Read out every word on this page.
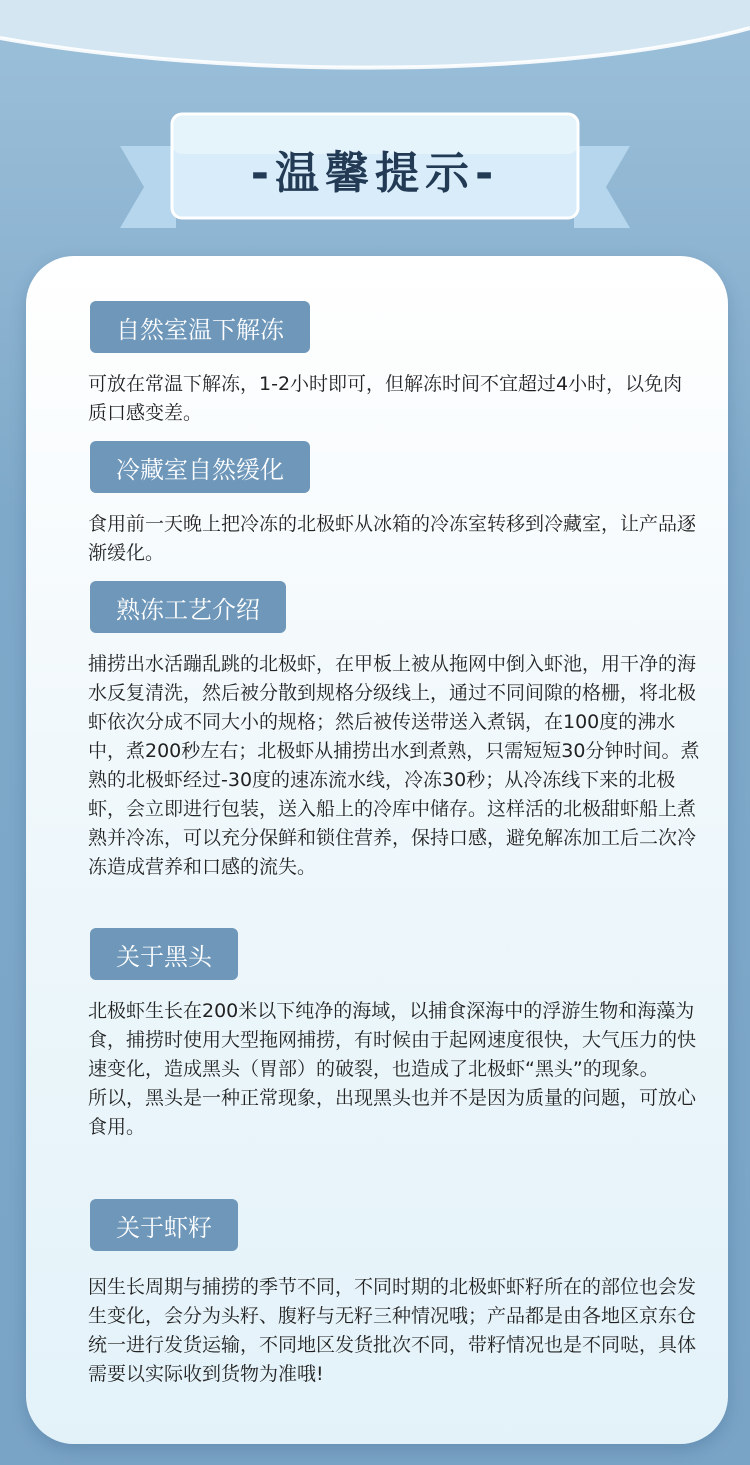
-温馨提示-
自然室温下解冻

可放在常温下解冻，1-2小时即可，但解冻时间不宜超过4小时，以免肉质口感变差。

冷藏室自然缓化

食用前一天晚上把冷冻的北极虾从冰箱的冷冻室转移到冷藏室，让产品逐渐缓化。

熟冻工艺介绍

捕捞出水活蹦乱跳的北极虾，在甲板上被从拖网中倒入虾池，用干净的海水反复清洗，然后被分散到规格分级线上，通过不同间隙的格栅，将北极虾依次分成不同大小的规格；然后被传送带送入煮锅，在100度的沸水中，煮200秒左右；北极虾从捕捞出水到煮熟，只需短短30分钟时间。煮熟的北极虾经过-30度的速冻流水线，冷冻30秒；从冷冻线下来的北极虾，会立即进行包装，送入船上的冷库中储存。这样活的北极甜虾船上煮熟并冷冻，可以充分保鲜和锁住营养，保持口感，避免解冻加工后二次冷冻造成营养和口感的流失。

关于黑头

北极虾生长在200米以下纯净的海域，以捕食深海中的浮游生物和海藻为食，捕捞时使用大型拖网捕捞，有时候由于起网速度很快，大气压力的快速变化，造成黑头（胃部）的破裂，也造成了北极虾“黑头”的现象。

所以，黑头是一种正常现象，出现黑头也并不是因为质量的问题，可放心食用。

关于虾籽

因生长周期与捕捞的季节不同，不同时期的北极虾虾籽所在的部位也会发生变化，会分为头籽、腹籽与无籽三种情况哦；产品都是由各地区京东仓统一进行发货运输，不同地区发货批次不同，带籽情况也是不同哒，具体需要以实际收到货物为准哦!
